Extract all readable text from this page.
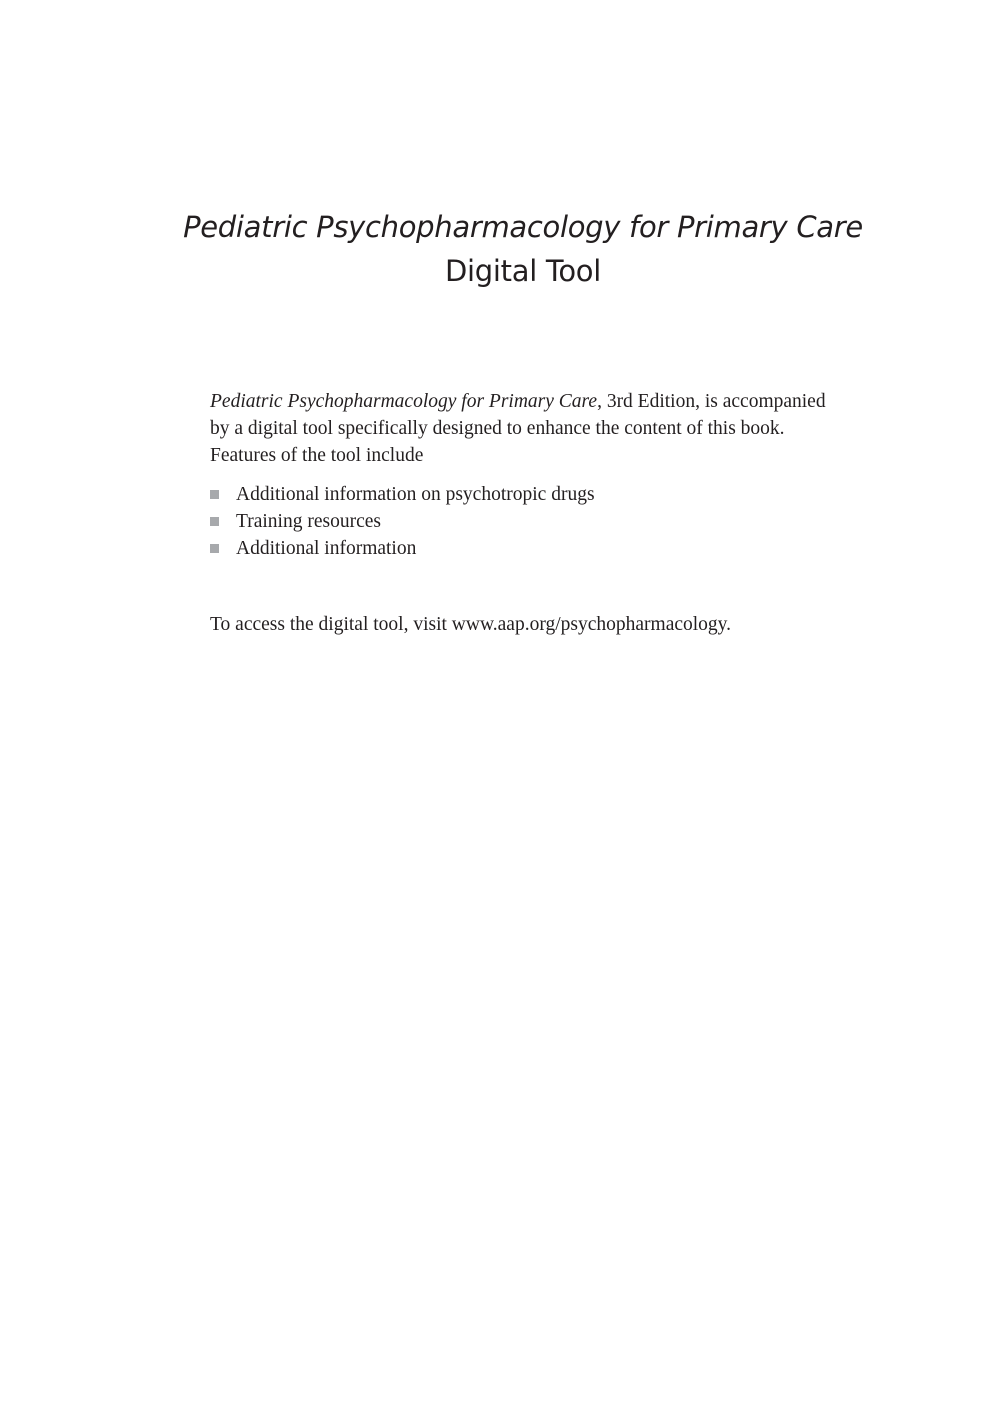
Pediatric Psychopharmacology for Primary Care
Digital Tool

Pediatric Psychopharmacology for Primary Care, 3rd Edition, is accompanied

by a digital tool specifically designed to enhance the content of this book.

Features of the tool include

Additional information on psychotropic drugs
Training resources
Additional information

To access the digital tool, visit www.aap.org/psychopharmacology.
